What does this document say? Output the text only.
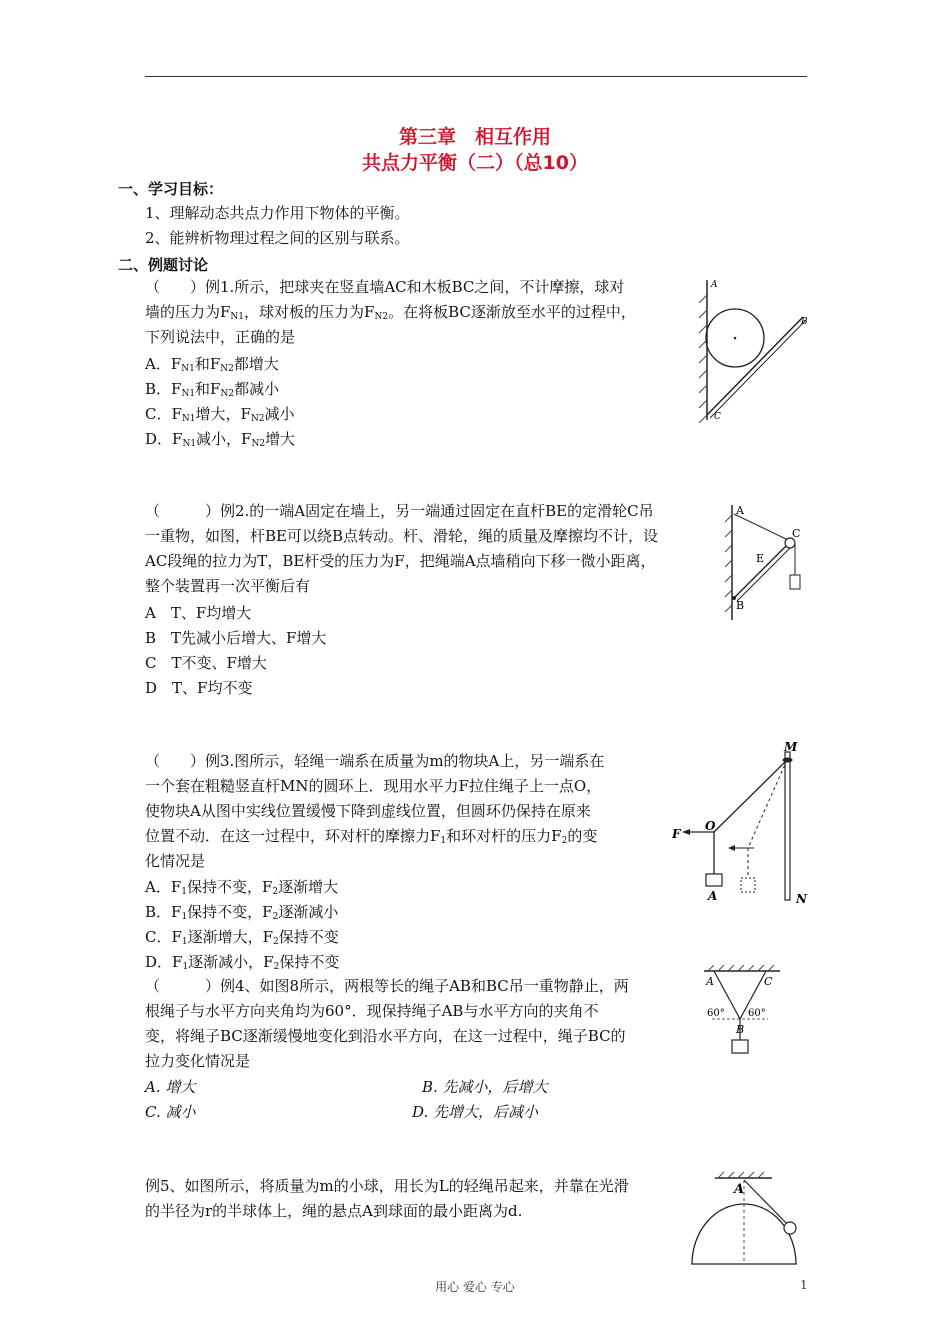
第三章　相互作用
共点力平衡（二）（总10）
一、学习目标：
1、理解动态共点力作用下物体的平衡。
2、能辨析物理过程之间的区别与联系。
二、例题讨论
（　　）例1.所示，把球夹在竖直墙AC和木板BC之间，不计摩擦，球对
墙的压力为$F_{N1}$，球对板的压力为$F_{N2}$。在将板BC逐渐放至水平的过程中，
下列说法中，正确的是
A．$F_{N1}$和$F_{N2}$都增大
B．$F_{N1}$和$F_{N2}$都减小
C．$F_{N1}$增大，$F_{N2}$减小
D．$F_{N1}$减小，$F_{N2}$增大
A
B
C
（　　　）例2.的一端A固定在墙上，另一端通过固定在直杆BE的定滑轮C吊
一重物，如图，杆BE可以绕B点转动。杆、滑轮，绳的质量及摩擦均不计，设
AC段绳的拉力为T，BE杆受的压力为F，把绳端A点墙稍向下移一微小距离，
整个装置再一次平衡后有
A　T、F均增大
B　T先减小后增大、F增大
C　T不变、F增大
D　T、F均不变
A
C
E
B
（　　）例3.图所示，轻绳一端系在质量为m的物块A上，另一端系在
一个套在粗糙竖直杆MN的圆环上．现用水平力F拉住绳子上一点O，
使物块A从图中实线位置缓慢下降到虚线位置，但圆环仍保持在原来
位置不动．在这一过程中，环对杆的摩擦力$F_1$和环对杆的压力$F_2$的变
化情况是
A．$F_1$保持不变，$F_2$逐渐增大
B．$F_1$保持不变，$F_2$逐渐减小
C．$F_1$逐渐增大，$F_2$保持不变
D．$F_1$逐渐减小，$F_2$保持不变
M
N
O
F
A
（　　　）例4、如图8所示，两根等长的绳子AB和BC吊一重物静止，两
根绳子与水平方向夹角均为60°．现保持绳子AB与水平方向的夹角不
变，将绳子BC逐渐缓慢地变化到沿水平方向，在这一过程中，绳子BC的
拉力变化情况是
A. 增大	B. 先减小，后增大
C. 减小	D. 先增大，后减小
A	C
B
60° 60°
例5、如图所示，将质量为m的小球，用长为L的轻绳吊起来，并靠在光滑
的半径为r的半球体上，绳的悬点A到球面的最小距离为d.
A
用心 爱心 专心	1
